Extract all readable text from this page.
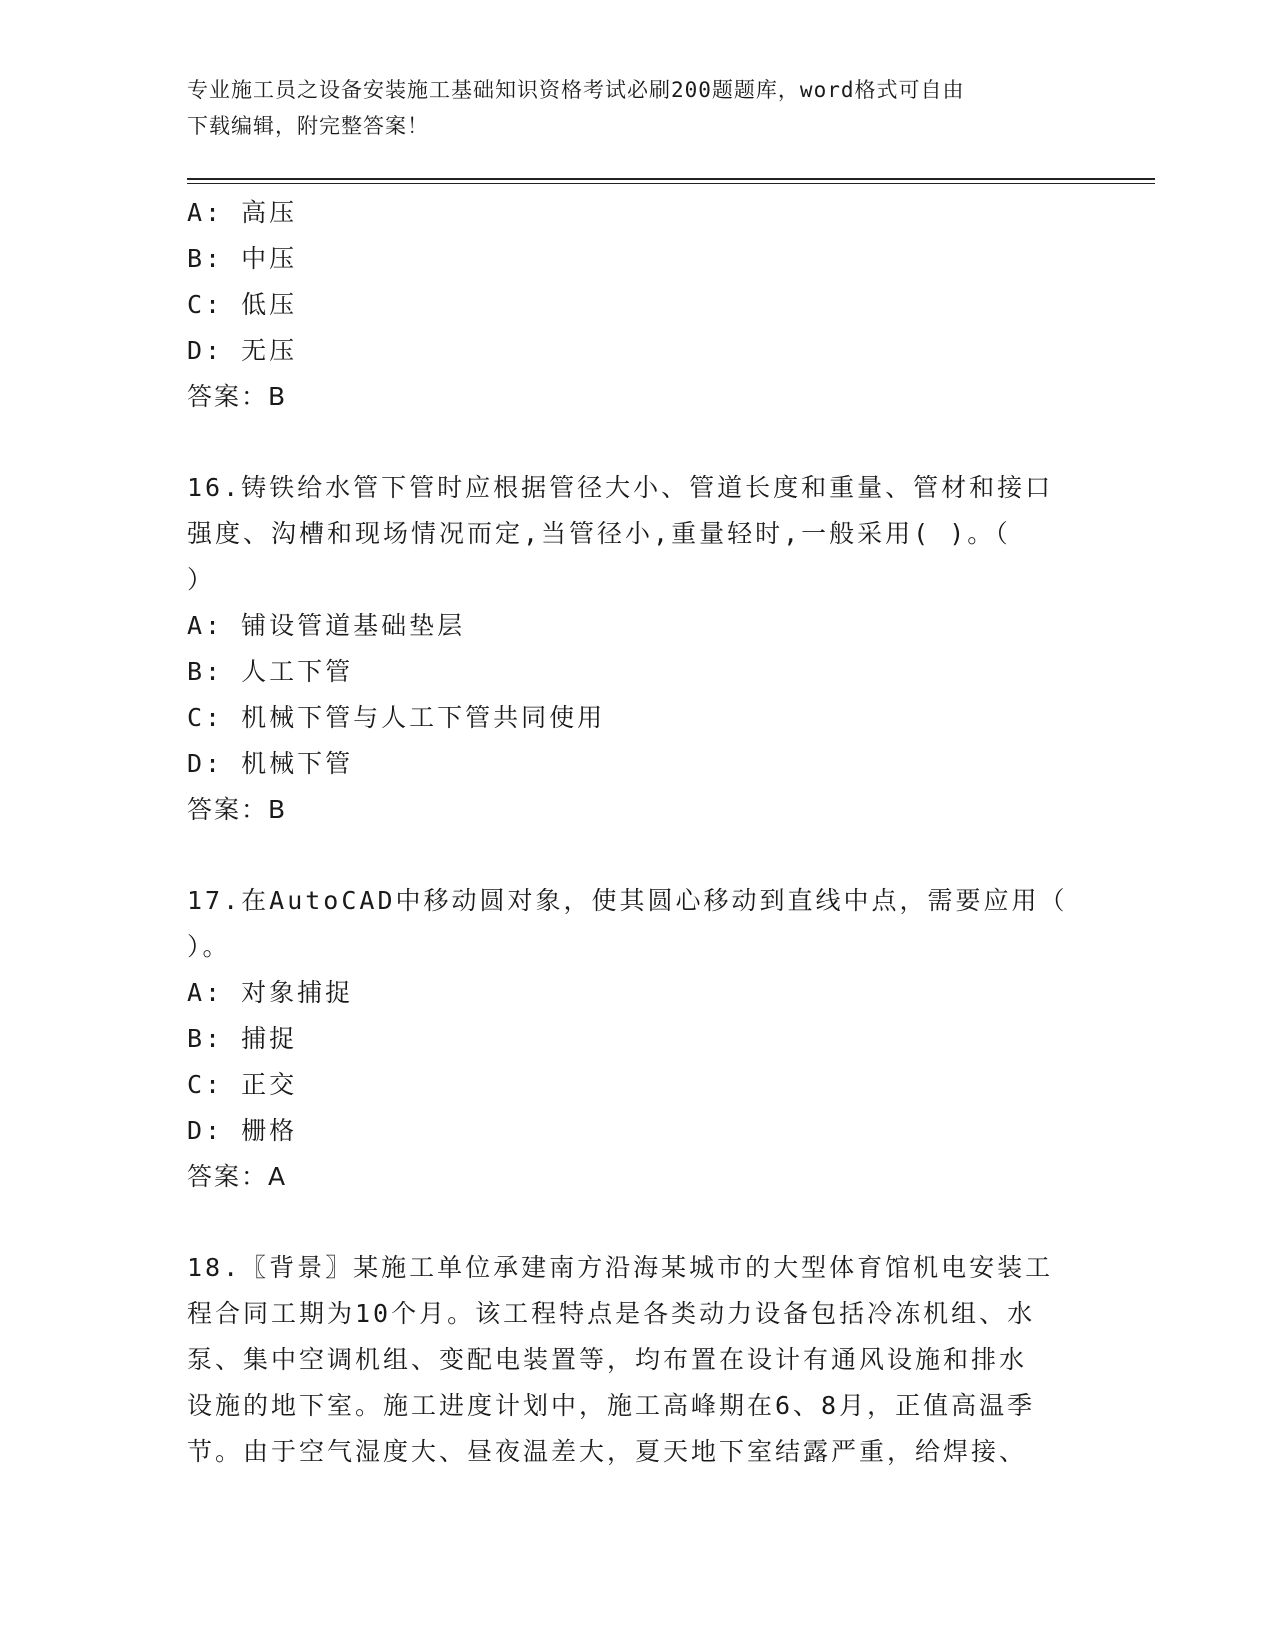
专业施工员之设备安装施工基础知识资格考试必刷200题题库，word格式可自由
下载编辑，附完整答案！
A: 高压
B: 中压
C: 低压
D: 无压
答案：B
16.铸铁给水管下管时应根据管径大小、管道长度和重量、管材和接口
强度、沟槽和现场情况而定,当管径小,重量轻时,一般采用( )。（
）
A: 铺设管道基础垫层
B: 人工下管
C: 机械下管与人工下管共同使用
D: 机械下管
答案：B
17.在AutoCAD中移动圆对象，使其圆心移动到直线中点，需要应用（
）。
A: 对象捕捉
B: 捕捉
C: 正交
D: 栅格
答案：A
18.〖背景〗某施工单位承建南方沿海某城市的大型体育馆机电安装工
程合同工期为10个月。该工程特点是各类动力设备包括冷冻机组、水
泵、集中空调机组、变配电装置等，均布置在设计有通风设施和排水
设施的地下室。施工进度计划中，施工高峰期在6、8月，正值高温季
节。由于空气湿度大、昼夜温差大，夏天地下室结露严重，给焊接、
